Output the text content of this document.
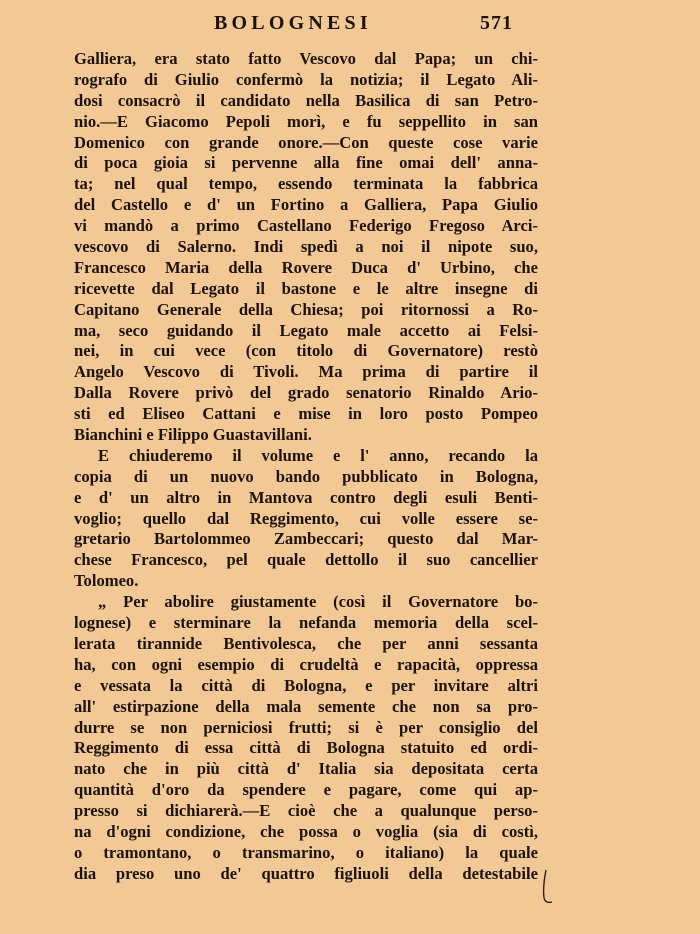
BOLOGNESI	571
Galliera, era stato fatto Vescovo dal Papa; un chi-
rografo di Giulio confermò la notizia; il Legato Ali-
dosi consacrò il candidato nella Basilica di san Petro-
nio.—E Giacomo Pepoli morì, e fu seppellito in san
Domenico con grande onore.—Con queste cose varie
di poca gioia si pervenne alla fine omai dell' anna-
ta; nel qual tempo, essendo terminata la fabbrica
del Castello e d' un Fortino a Galliera, Papa Giulio
vi mandò a primo Castellano Federigo Fregoso Arci-
vescovo di Salerno. Indi spedì a noi il nipote suo,
Francesco Maria della Rovere Duca d' Urbino, che
ricevette dal Legato il bastone e le altre insegne di
Capitano Generale della Chiesa; poi ritornossi a Ro-
ma, seco guidando il Legato male accetto ai Felsi-
nei, in cui vece (con titolo di Governatore) restò
Angelo Vescovo di Tivoli. Ma prima di partire il
Dalla Rovere privò del grado senatorio Rinaldo Ario-
sti ed Eliseo Cattani e mise in loro posto Pompeo
Bianchini e Filippo Guastavillani.
E chiuderemo il volume e l' anno, recando la
copia di un nuovo bando pubblicato in Bologna,
e d' un altro in Mantova contro degli esuli Benti-
voglio; quello dal Reggimento, cui volle essere se-
gretario Bartolommeo Zambeccari; questo dal Mar-
chese Francesco, pel quale dettollo il suo cancellier
Tolomeo.
„ Per abolire giustamente (così il Governatore bo-
lognese) e sterminare la nefanda memoria della scel-
lerata tirannide Bentivolesca, che per anni sessanta
ha, con ogni esempio di crudeltà e rapacità, oppressa
e vessata la città di Bologna, e per invitare altri
all' estirpazione della mala semente che non sa pro-
durre se non perniciosi frutti; si è per consiglio del
Reggimento di essa città di Bologna statuito ed ordi-
nato che in più città d' Italia sia depositata certa
quantità d'oro da spendere e pagare, come qui ap-
presso si dichiarerà.—E cioè che a qualunque perso-
na d'ogni condizione, che possa o voglia (sia di costì,
o tramontano, o transmarino, o italiano) la quale
dia preso uno de' quattro figliuoli della detestabile
